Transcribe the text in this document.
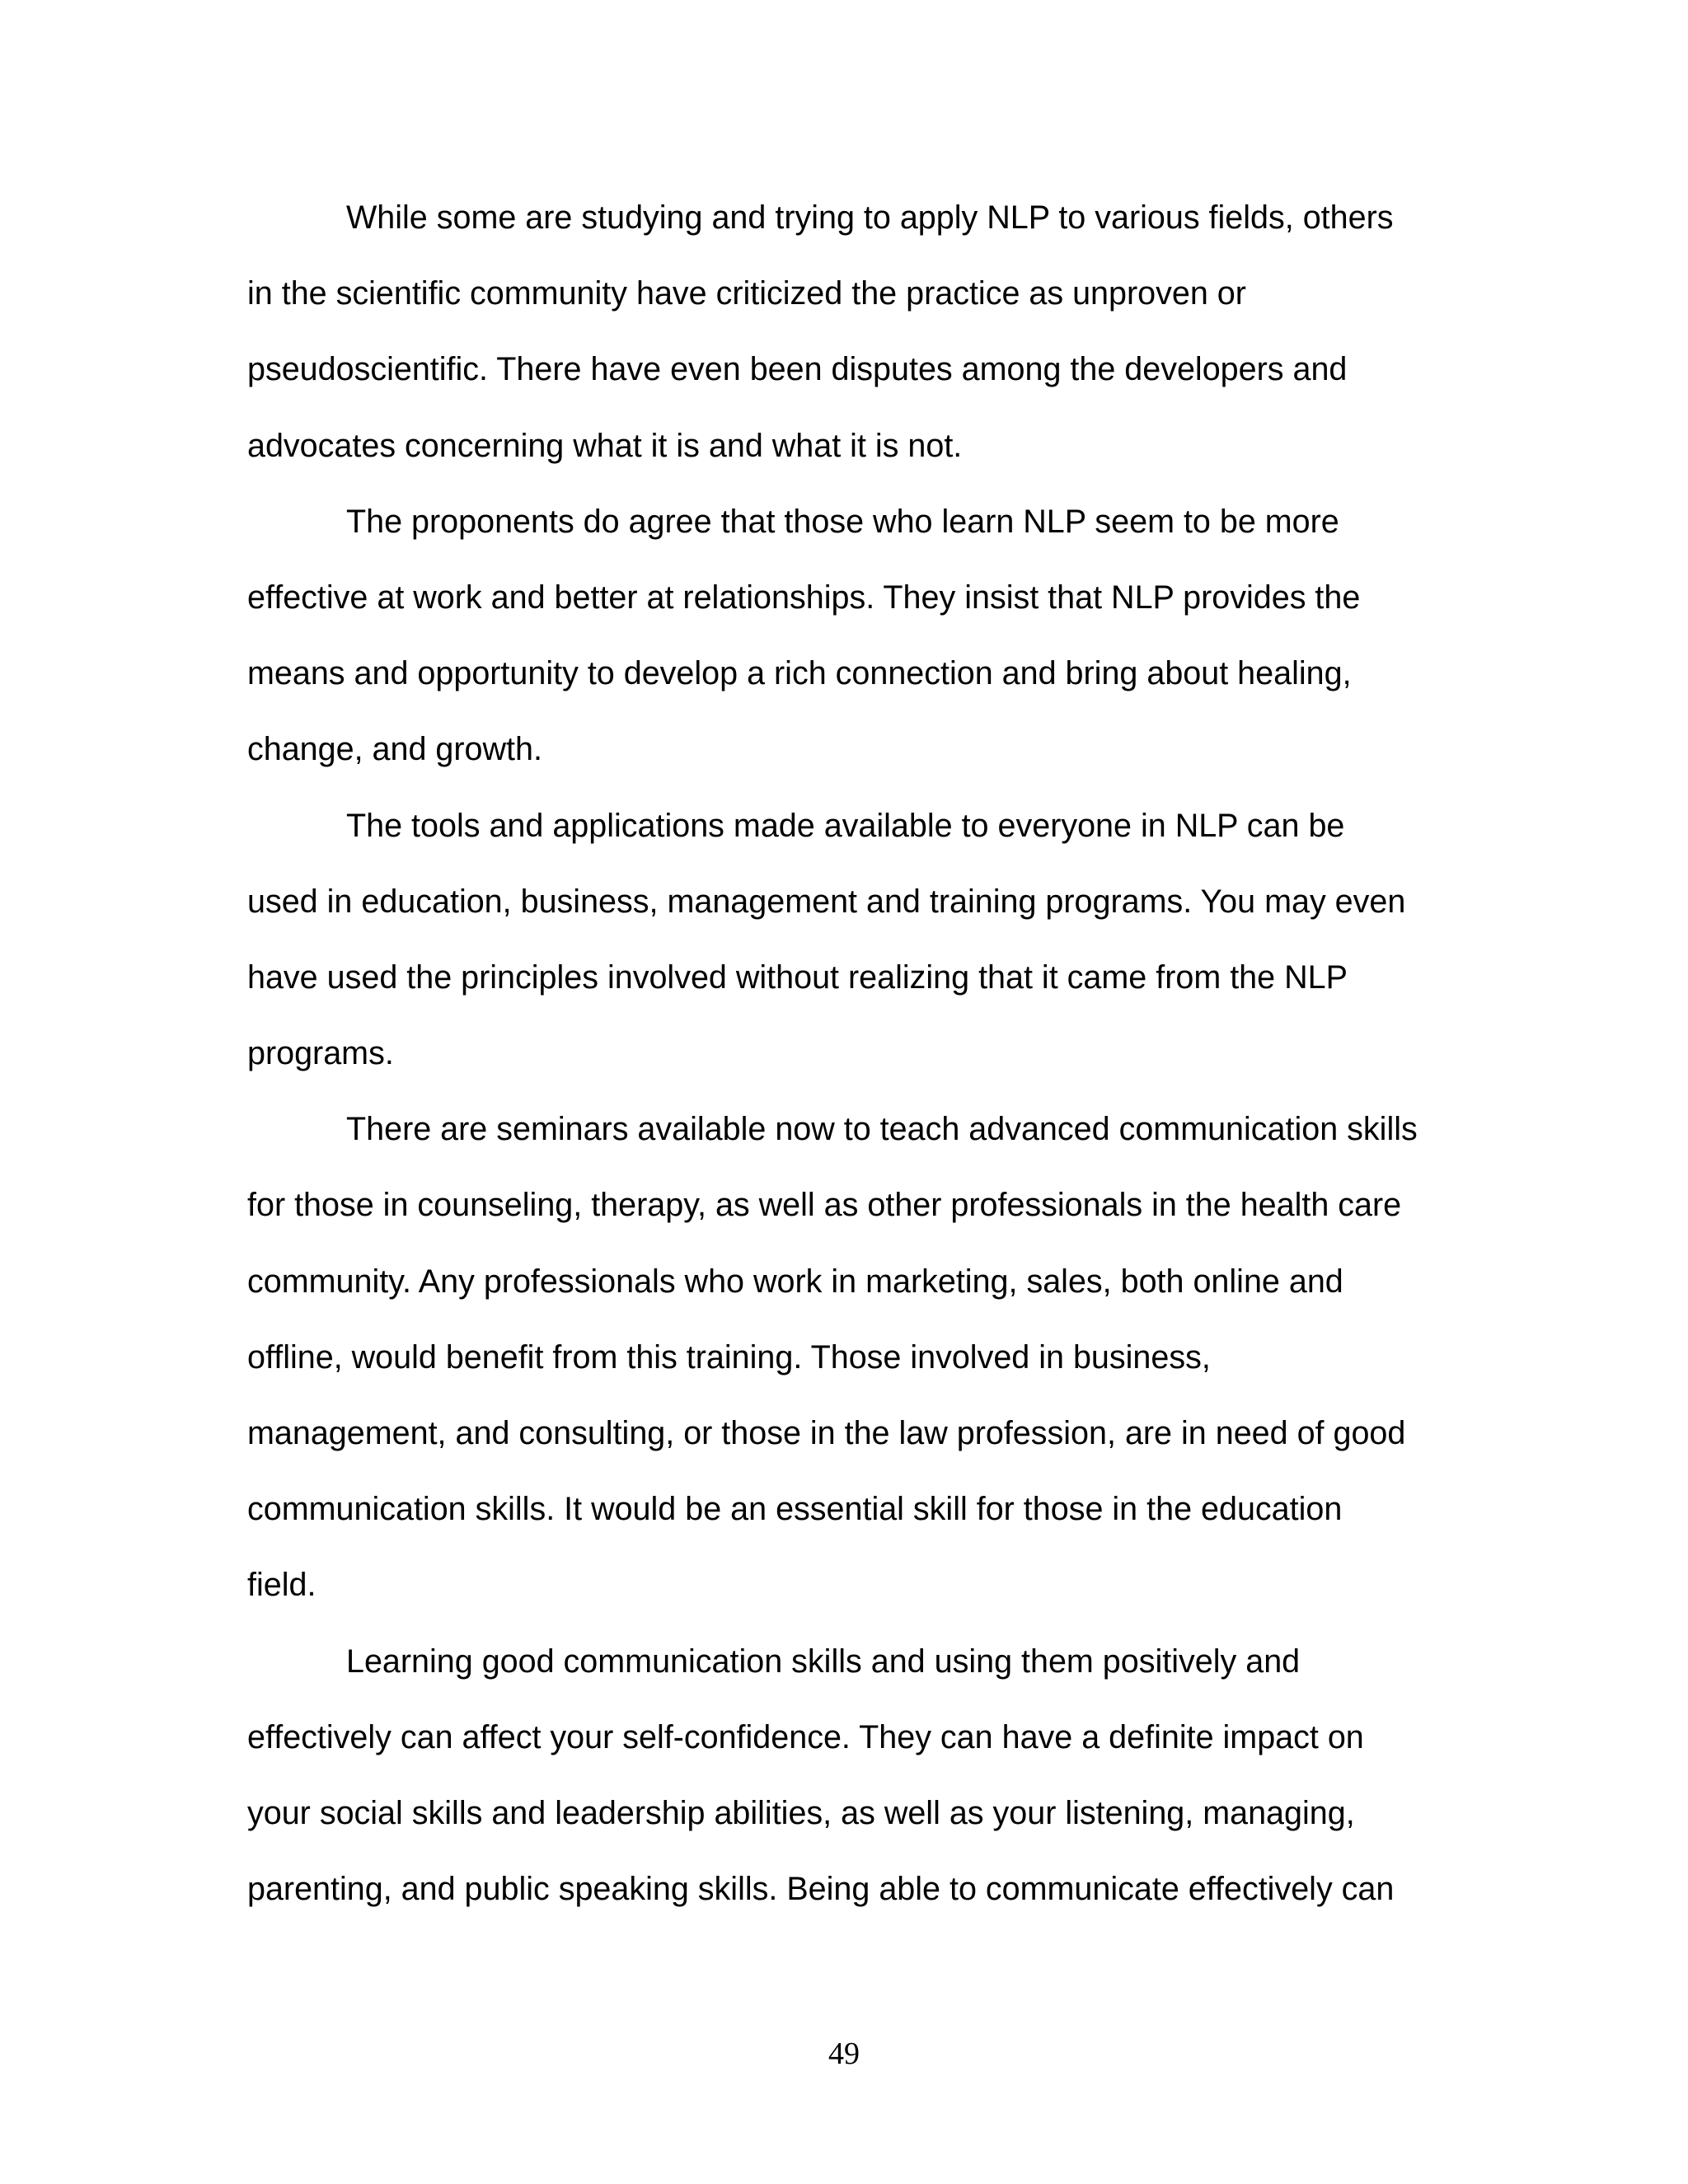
While some are studying and trying to apply NLP to various fields, others
in the scientific community have criticized the practice as unproven or
pseudoscientific. There have even been disputes among the developers and
advocates concerning what it is and what it is not.
The proponents do agree that those who learn NLP seem to be more
effective at work and better at relationships. They insist that NLP provides the
means and opportunity to develop a rich connection and bring about healing,
change, and growth.
The tools and applications made available to everyone in NLP can be
used in education, business, management and training programs. You may even
have used the principles involved without realizing that it came from the NLP
programs.
There are seminars available now to teach advanced communication skills
for those in counseling, therapy, as well as other professionals in the health care
community. Any professionals who work in marketing, sales, both online and
offline, would benefit from this training. Those involved in business,
management, and consulting, or those in the law profession, are in need of good
communication skills. It would be an essential skill for those in the education
field.
Learning good communication skills and using them positively and
effectively can affect your self-confidence. They can have a definite impact on
your social skills and leadership abilities, as well as your listening, managing,
parenting, and public speaking skills. Being able to communicate effectively can
49
